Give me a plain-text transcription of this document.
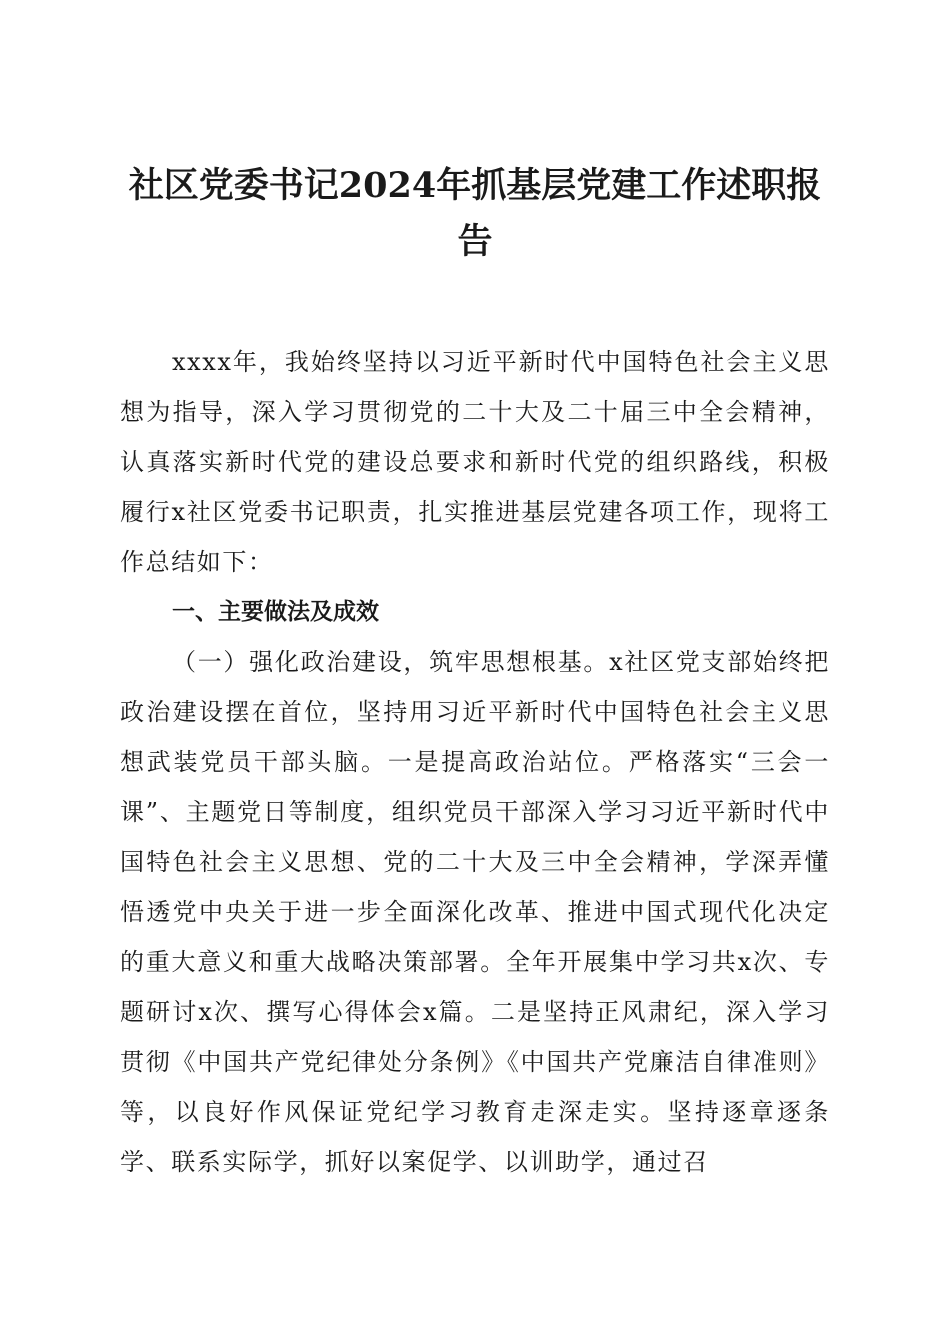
社区党委书记2024年抓基层党建工作述职报告

xxxx年，我始终坚持以习近平新时代中国特色社会主义思想为指导，深入学习贯彻党的二十大及二十届三中全会精神，认真落实新时代党的建设总要求和新时代党的组织路线，积极履行x社区党委书记职责，扎实推进基层党建各项工作，现将工作总结如下：

一、主要做法及成效

（一）强化政治建设，筑牢思想根基。x社区党支部始终把政治建设摆在首位，坚持用习近平新时代中国特色社会主义思想武装党员干部头脑。一是提高政治站位。严格落实“三会一课”、主题党日等制度，组织党员干部深入学习习近平新时代中国特色社会主义思想、党的二十大及三中全会精神，学深弄懂悟透党中央关于进一步全面深化改革、推进中国式现代化决定的重大意义和重大战略决策部署。全年开展集中学习共x次、专题研讨x次、撰写心得体会x篇。二是坚持正风肃纪，深入学习贯彻《中国共产党纪律处分条例》《中国共产党廉洁自律准则》等，以良好作风保证党纪学习教育走深走实。坚持逐章逐条学、联系实际学，抓好以案促学、以训助学，通过召
